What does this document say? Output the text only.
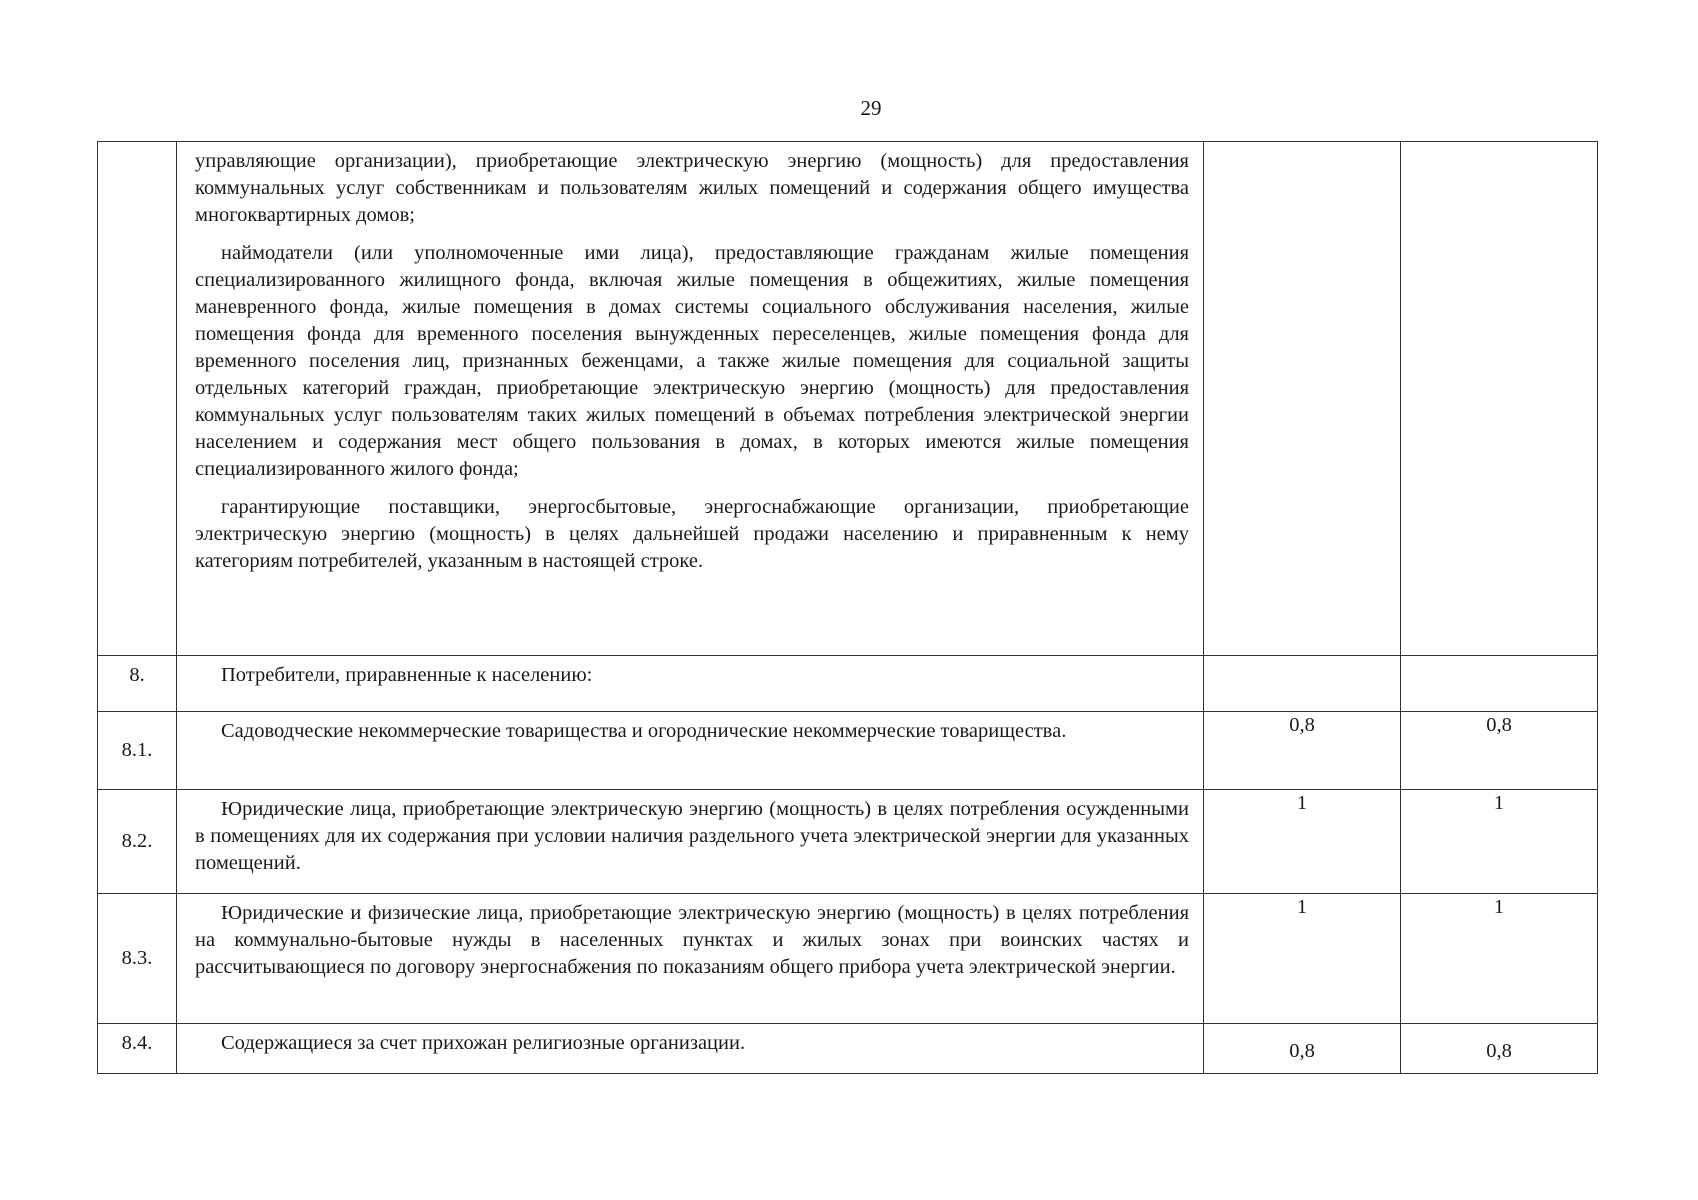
29

	управляющие организации), приобретающие электрическую энергию (мощность) для предоставления коммунальных услуг собственникам и пользователям жилых помещений и содержания общего имущества многоквартирных домов;

наймодатели (или уполномоченные ими лица), предоставляющие гражданам жилые помещения специализированного жилищного фонда, включая жилые помещения в общежитиях, жилые помещения маневренного фонда, жилые помещения в домах системы социального обслуживания населения, жилые помещения фонда для временного поселения вынужденных переселенцев, жилые помещения фонда для временного поселения лиц, признанных беженцами, а также жилые помещения для социальной защиты отдельных категорий граждан, приобретающие электрическую энергию (мощность) для предоставления коммунальных услуг пользователям таких жилых помещений в объемах потребления электрической энергии населением и содержания мест общего пользования в домах, в которых имеются жилые помещения специализированного жилого фонда;

гарантирующие поставщики, энергосбытовые, энергоснабжающие организации, приобретающие электрическую энергию (мощность) в целях дальнейшей продажи населению и приравненным к нему категориям потребителей, указанным в настоящей строке.		

8.	Потребители, приравненные к населению:		

8.1.	Садоводческие некоммерческие товарищества и огороднические некоммерческие товарищества.	0,8	0,8
8.2.	Юридические лица, приобретающие электрическую энергию (мощность) в целях потребления осужденными в помещениях для их содержания при условии наличия раздельного учета электрической энергии для указанных помещений.	1	1
8.3.	Юридические и физические лица, приобретающие электрическую энергию (мощность) в целях потребления на коммунально-бытовые нужды в населенных пунктах и жилых зонах при воинских частях и рассчитывающиеся по договору энергоснабжения по показаниям общего прибора учета электрической энергии.	1	1
8.4.	Содержащиеся за счет прихожан религиозные организации.	0,8	0,8
